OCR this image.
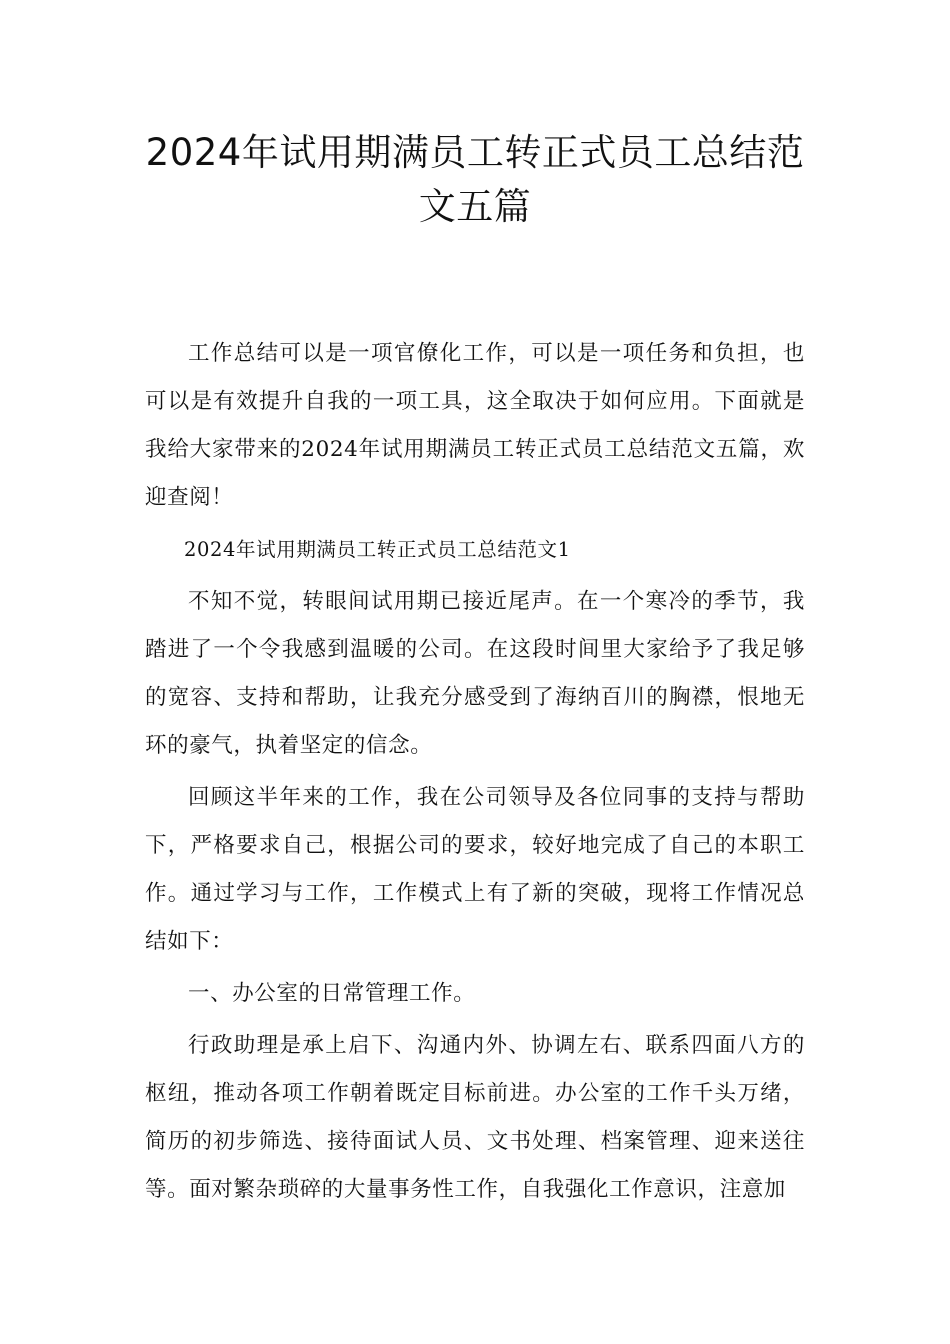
2024年试用期满员工转正式员工总结范文五篇

工作总结可以是一项官僚化工作，可以是一项任务和负担，也可以是有效提升自我的一项工具，这全取决于如何应用。下面就是我给大家带来的2024年试用期满员工转正式员工总结范文五篇，欢迎查阅！

2024年试用期满员工转正式员工总结范文1

不知不觉，转眼间试用期已接近尾声。在一个寒冷的季节，我踏进了一个令我感到温暖的公司。在这段时间里大家给予了我足够的宽容、支持和帮助，让我充分感受到了海纳百川的胸襟，恨地无环的豪气，执着坚定的信念。

回顾这半年来的工作，我在公司领导及各位同事的支持与帮助下，严格要求自己，根据公司的要求，较好地完成了自己的本职工作。通过学习与工作，工作模式上有了新的突破，现将工作情况总结如下：

一、办公室的日常管理工作。

行政助理是承上启下、沟通内外、协调左右、联系四面八方的枢纽，推动各项工作朝着既定目标前进。办公室的工作千头万绪，简历的初步筛选、接待面试人员、文书处理、档案管理、迎来送往等。面对繁杂琐碎的大量事务性工作，自我强化工作意识，注意加
